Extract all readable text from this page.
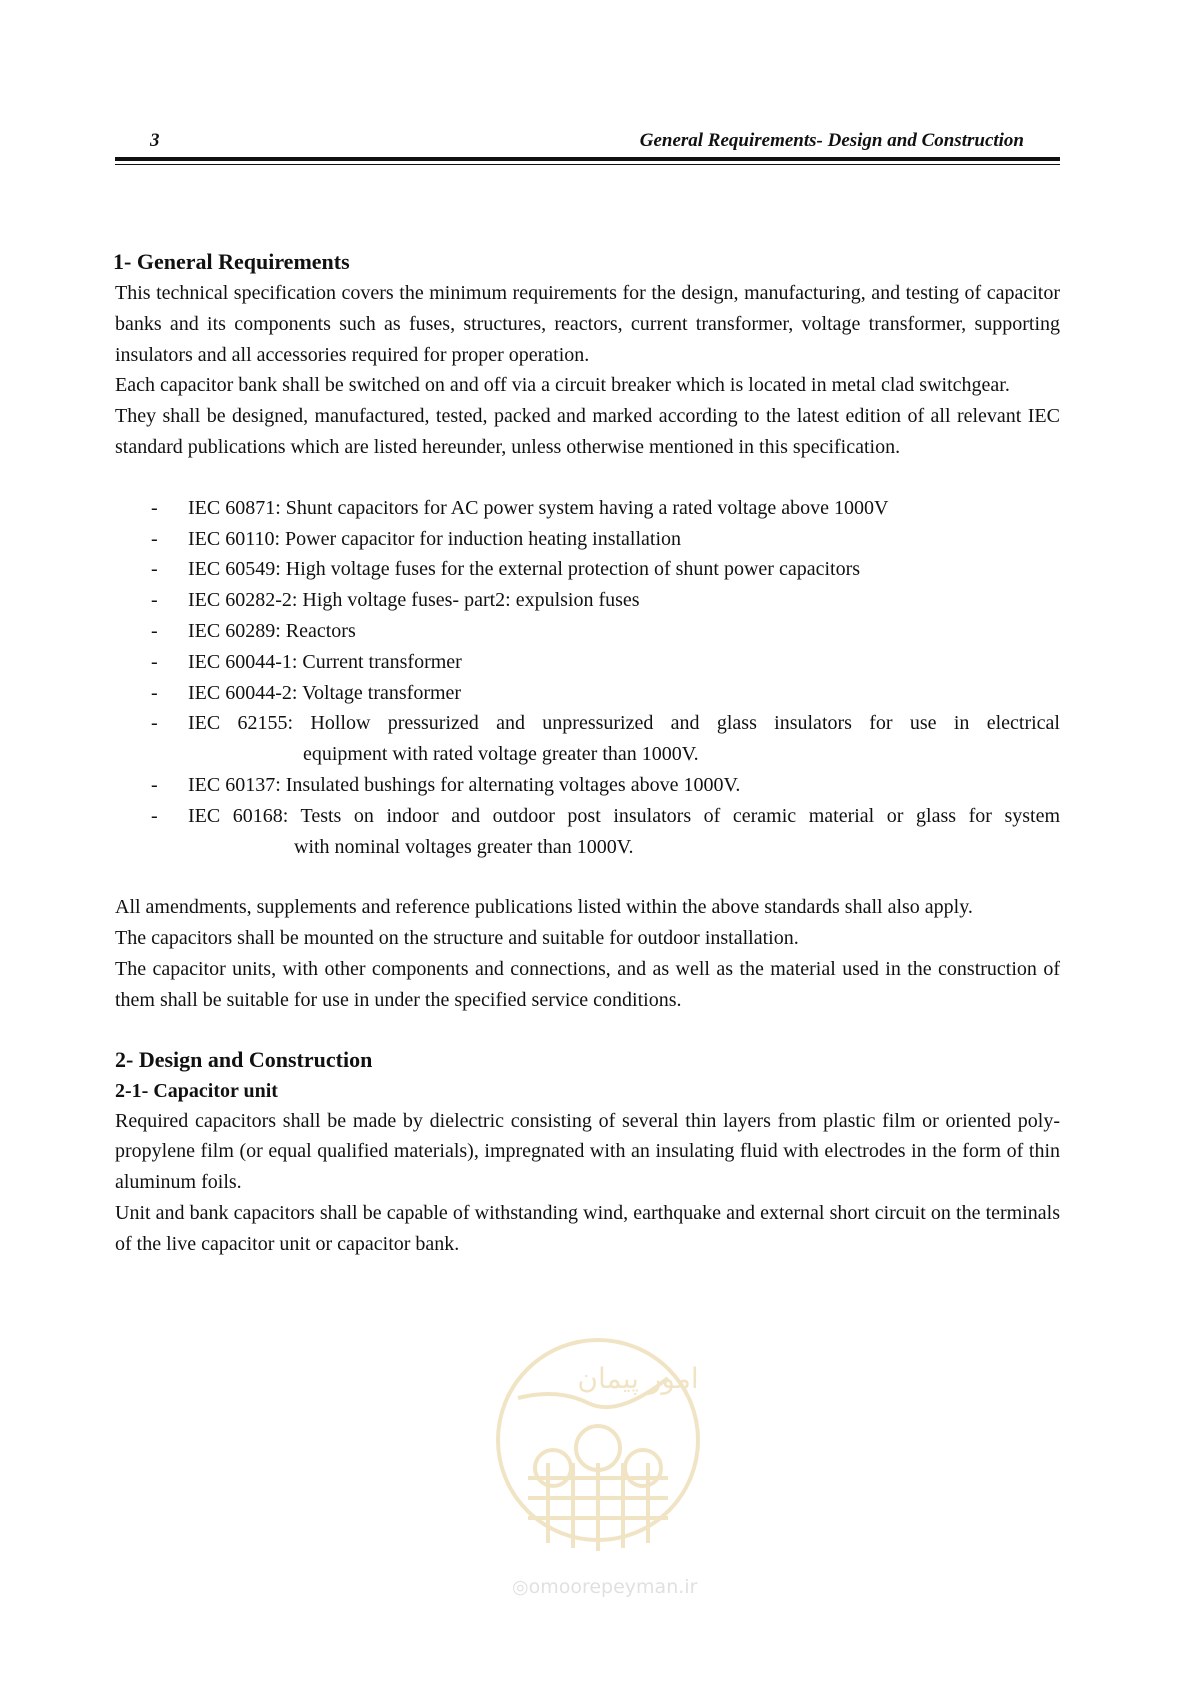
3	General Requirements- Design and Construction
1- General Requirements

This technical specification covers the minimum requirements for the design, manufacturing, and testing of capacitor banks and its components such as fuses, structures, reactors, current transformer, voltage transformer, supporting insulators and all accessories required for proper operation.

Each capacitor bank shall be switched on and off via a circuit breaker which is located in metal clad switchgear.

They shall be designed, manufactured, tested, packed and marked according to the latest edition of all relevant IEC standard publications which are listed hereunder, unless otherwise mentioned in this specification.

- IEC 60871: Shunt capacitors for AC power system having a rated voltage above 1000V
- IEC 60110: Power capacitor for induction heating installation
- IEC 60549: High voltage fuses for the external protection of shunt power capacitors
- IEC 60282-2: High voltage fuses- part2: expulsion fuses
- IEC 60289: Reactors
- IEC 60044-1: Current transformer
- IEC 60044-2: Voltage transformer
- IEC 62155: Hollow pressurized and unpressurized and glass insulators for use in electrical
equipment with rated voltage greater than 1000V.
- IEC 60137: Insulated bushings for alternating voltages above 1000V.
- IEC 60168: Tests on indoor and outdoor post insulators of ceramic material or glass for system
with nominal voltages greater than 1000V.

All amendments, supplements and reference publications listed within the above standards shall also apply.

The capacitors shall be mounted on the structure and suitable for outdoor installation.

The capacitor units, with other components and connections, and as well as the material used in the construction of them shall be suitable for use in under the specified service conditions.

2- Design and Construction
2-1- Capacitor unit

Required capacitors shall be made by dielectric consisting of several thin layers from plastic film or oriented poly- propylene film (or equal qualified materials), impregnated with an insulating fluid with electrodes in the form of thin aluminum foils.

Unit and bank capacitors shall be capable of withstanding wind, earthquake and external short circuit on the terminals of the live capacitor unit or capacitor bank.

امور پیمان
◎omoorepeyman.ir
